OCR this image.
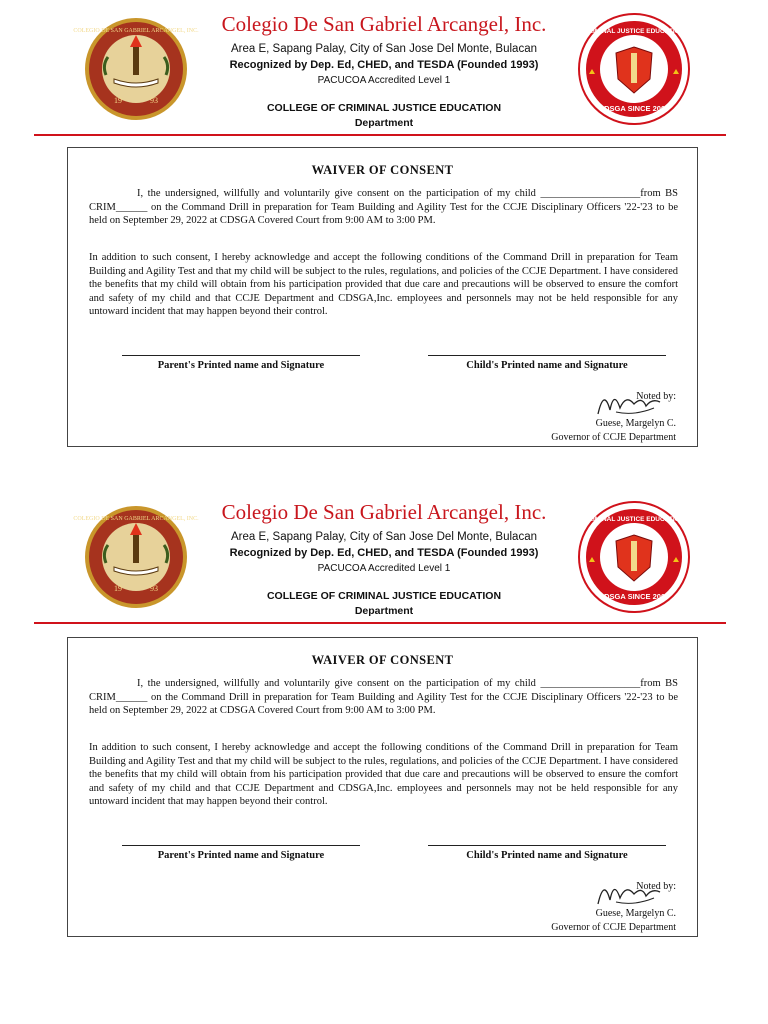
COLEGIO DE SAN GABRIEL ARCANGEL, INC.
19	93
Colegio De San Gabriel Arcangel, Inc.
Area E, Sapang Palay, City of San Jose Del Monte, Bulacan
Recognized by Dep. Ed, CHED, and TESDA (Founded 1993)
PACUCOA Accredited Level 1
COLLEGE OF CRIMINAL JUSTICE EDUCATION
Department
CRIMINAL JUSTICE EDUCATION
CDSGA SINCE 2007
WAIVER OF CONSENT

I, the undersigned, willfully and voluntarily give consent on the participation of my child ___________________from BS CRIM______ on the Command Drill in preparation for Team Building and Agility Test for the CCJE Disciplinary Officers '22-'23 to be held on September 29, 2022 at CDSGA Covered Court from 9:00 AM to 3:00 PM.

In addition to such consent, I hereby acknowledge and accept the following conditions of the Command Drill in preparation for Team Building and Agility Test and that my child will be subject to the rules, regulations, and policies of the CCJE Department. I have considered the benefits that my child will obtain from his participation provided that due care and precautions will be observed to ensure the comfort and safety of my child and that CCJE Department and CDSGA,Inc. employees and personnels may not be held responsible for any untoward incident that may happen beyond their control.

Parent's Printed name and Signature	Child's Printed name and Signature
Noted by:
Guese, Margelyn C.
Governor of CCJE Department
COLEGIO DE SAN GABRIEL ARCANGEL, INC.
19	93
Colegio De San Gabriel Arcangel, Inc.
Area E, Sapang Palay, City of San Jose Del Monte, Bulacan
Recognized by Dep. Ed, CHED, and TESDA (Founded 1993)
PACUCOA Accredited Level 1
COLLEGE OF CRIMINAL JUSTICE EDUCATION
Department
CRIMINAL JUSTICE EDUCATION
CDSGA SINCE 2007
WAIVER OF CONSENT

I, the undersigned, willfully and voluntarily give consent on the participation of my child ___________________from BS CRIM______ on the Command Drill in preparation for Team Building and Agility Test for the CCJE Disciplinary Officers '22-'23 to be held on September 29, 2022 at CDSGA Covered Court from 9:00 AM to 3:00 PM.

In addition to such consent, I hereby acknowledge and accept the following conditions of the Command Drill in preparation for Team Building and Agility Test and that my child will be subject to the rules, regulations, and policies of the CCJE Department. I have considered the benefits that my child will obtain from his participation provided that due care and precautions will be observed to ensure the comfort and safety of my child and that CCJE Department and CDSGA,Inc. employees and personnels may not be held responsible for any untoward incident that may happen beyond their control.

Parent's Printed name and Signature	Child's Printed name and Signature
Noted by:
Guese, Margelyn C.
Governor of CCJE Department
